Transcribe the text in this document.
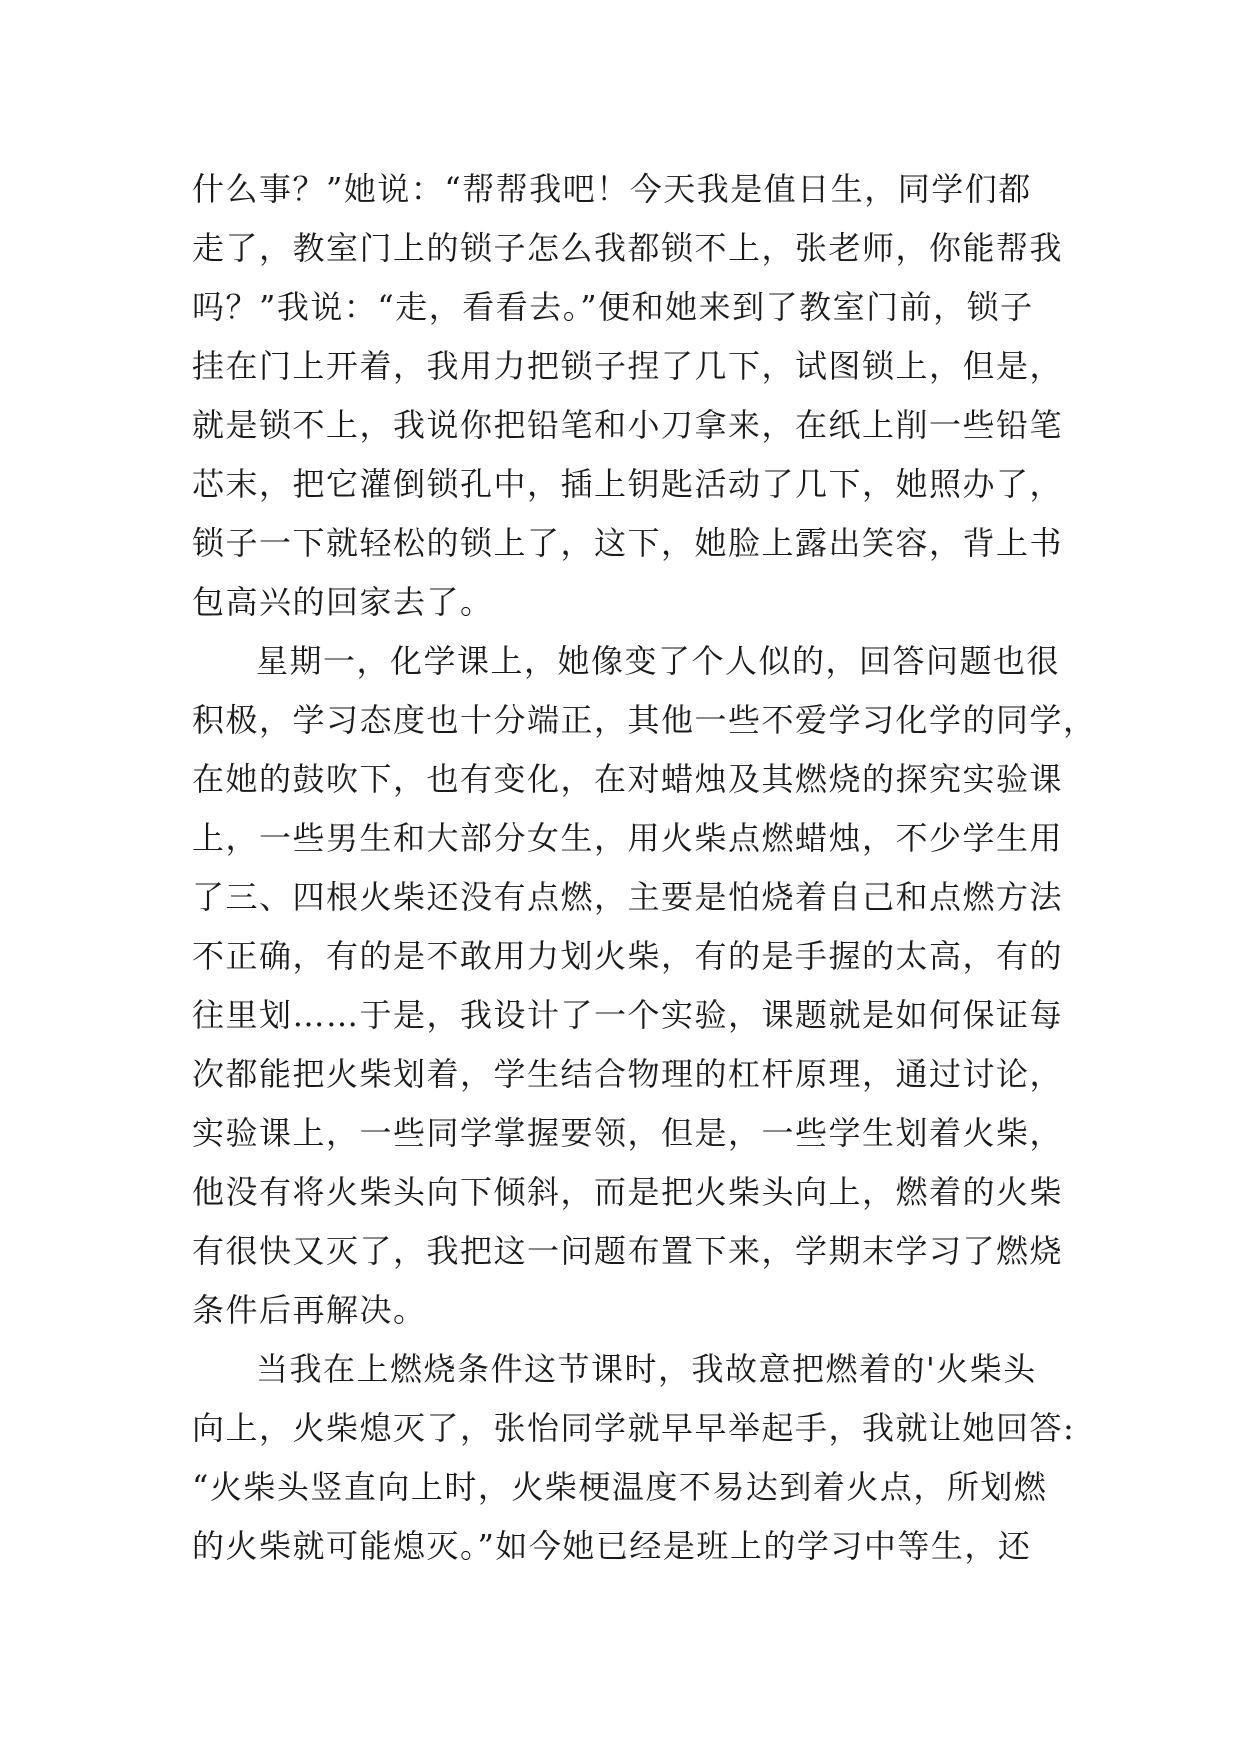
什么事？”她说：“帮帮我吧！今天我是值日生，同学们都
走了，教室门上的锁子怎么我都锁不上，张老师，你能帮我
吗？”我说：“走，看看去。”便和她来到了教室门前，锁子
挂在门上开着，我用力把锁子捏了几下，试图锁上，但是，
就是锁不上，我说你把铅笔和小刀拿来，在纸上削一些铅笔
芯末，把它灌倒锁孔中，插上钥匙活动了几下，她照办了，
锁子一下就轻松的锁上了，这下，她脸上露出笑容，背上书
包高兴的回家去了。
星期一，化学课上，她像变了个人似的，回答问题也很
积极，学习态度也十分端正，其他一些不爱学习化学的同学，
在她的鼓吹下，也有变化，在对蜡烛及其燃烧的探究实验课
上，一些男生和大部分女生，用火柴点燃蜡烛，不少学生用
了三、四根火柴还没有点燃，主要是怕烧着自己和点燃方法
不正确，有的是不敢用力划火柴，有的是手握的太高，有的
往里划……于是，我设计了一个实验，课题就是如何保证每
次都能把火柴划着，学生结合物理的杠杆原理，通过讨论，
实验课上，一些同学掌握要领，但是，一些学生划着火柴，
他没有将火柴头向下倾斜，而是把火柴头向上，燃着的火柴
有很快又灭了，我把这一问题布置下来，学期末学习了燃烧
条件后再解决。
当我在上燃烧条件这节课时，我故意把燃着的'火柴头
向上，火柴熄灭了，张怡同学就早早举起手，我就让她回答:
“火柴头竖直向上时，火柴梗温度不易达到着火点，所划燃
的火柴就可能熄灭。”如今她已经是班上的学习中等生，还
